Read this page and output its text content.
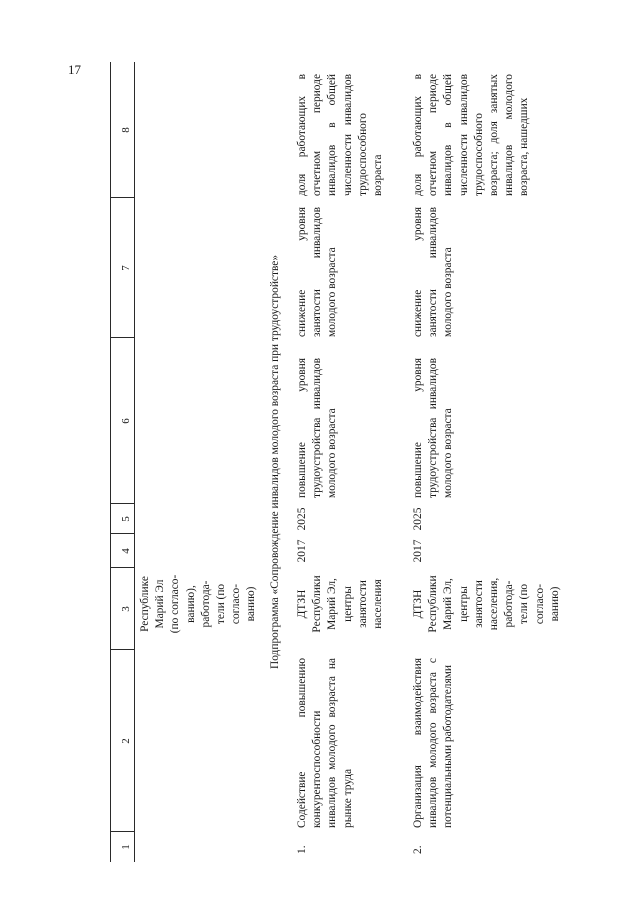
17
1
2
3
4
5
6
7
8
Республике Марий Эл (по согласо-ванию), работода-тели (по согласо-ванию) Подпрограмма «Сопровождение инвалидов молодого возраста при трудоустройстве»
1.
Содействие повышению конкурентоспособности инвалидов молодого возраста на рынке труда
ДТЗН Республики Марий Эл, центры занятости населения
2017
2025
повышение уровня трудоустройства инвалидов молодого возраста
снижение уровня занятости инвалидов молодого возраста
доля работающих в отчетном периоде инвалидов в общей численности инвалидов трудоспособного возраста
2.
Организация взаимодействия инвалидов молодого возраста с потенциальными работодателями
ДТЗН Республики Марий Эл, центры занятости населения, работода-тели (по согласо-ванию)
2017
2025
повышение уровня трудоустройства инвалидов молодого возраста
снижение уровня занятости инвалидов молодого возраста
доля работающих в отчетном периоде инвалидов в общей численности инвалидов трудоспособного возраста; доля занятых инвалидов молодого возраста, нашедших
